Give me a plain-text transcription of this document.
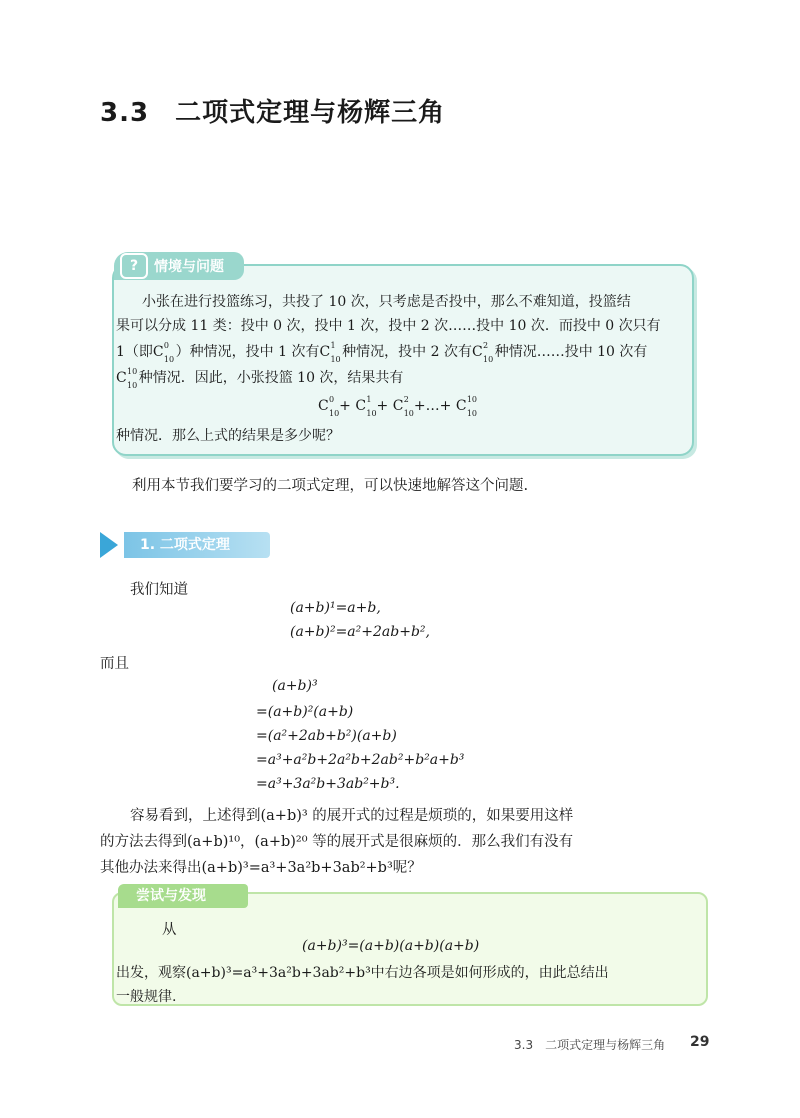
3.3 二项式定理与杨辉三角
?	情境与问题
小张在进行投篮练习，共投了 10 次，只考虑是否投中，那么不难知道，投篮结
果可以分成 11 类：投中 0 次，投中 1 次，投中 2 次……投中 10 次．而投中 0 次只有
1（即C 0
10 ）种情况，投中 1 次有C 1
10 种情况，投中 2 次有C 2
10 种情况……投中 10 次有
C 10
10 种情况．因此，小张投篮 10 次，结果共有
C 0
10 + C 1
10 + C 2
10 +…+ C 10
10
种情况．那么上式的结果是多少呢？
利用本节我们要学习的二项式定理，可以快速地解答这个问题.
1. 二项式定理
我们知道
(a+b)¹=a+b,
(a+b)²=a²+2ab+b²,
而且
(a+b)³
=(a+b)²(a+b)
=(a²+2ab+b²)(a+b)
=a³+a²b+2a²b+2ab²+b²a+b³
=a³+3a²b+3ab²+b³.
容易看到，上述得到(a+b)³ 的展开式的过程是烦琐的，如果要用这样
的方法去得到(a+b)¹⁰，(a+b)²⁰ 等的展开式是很麻烦的．那么我们有没有
其他办法来得出(a+b)³=a³+3a²b+3ab²+b³呢？
尝试与发现
从
(a+b)³=(a+b)(a+b)(a+b)
出发，观察(a+b)³=a³+3a²b+3ab²+b³中右边各项是如何形成的，由此总结出
一般规律.
3.3　二项式定理与杨辉三角 29
